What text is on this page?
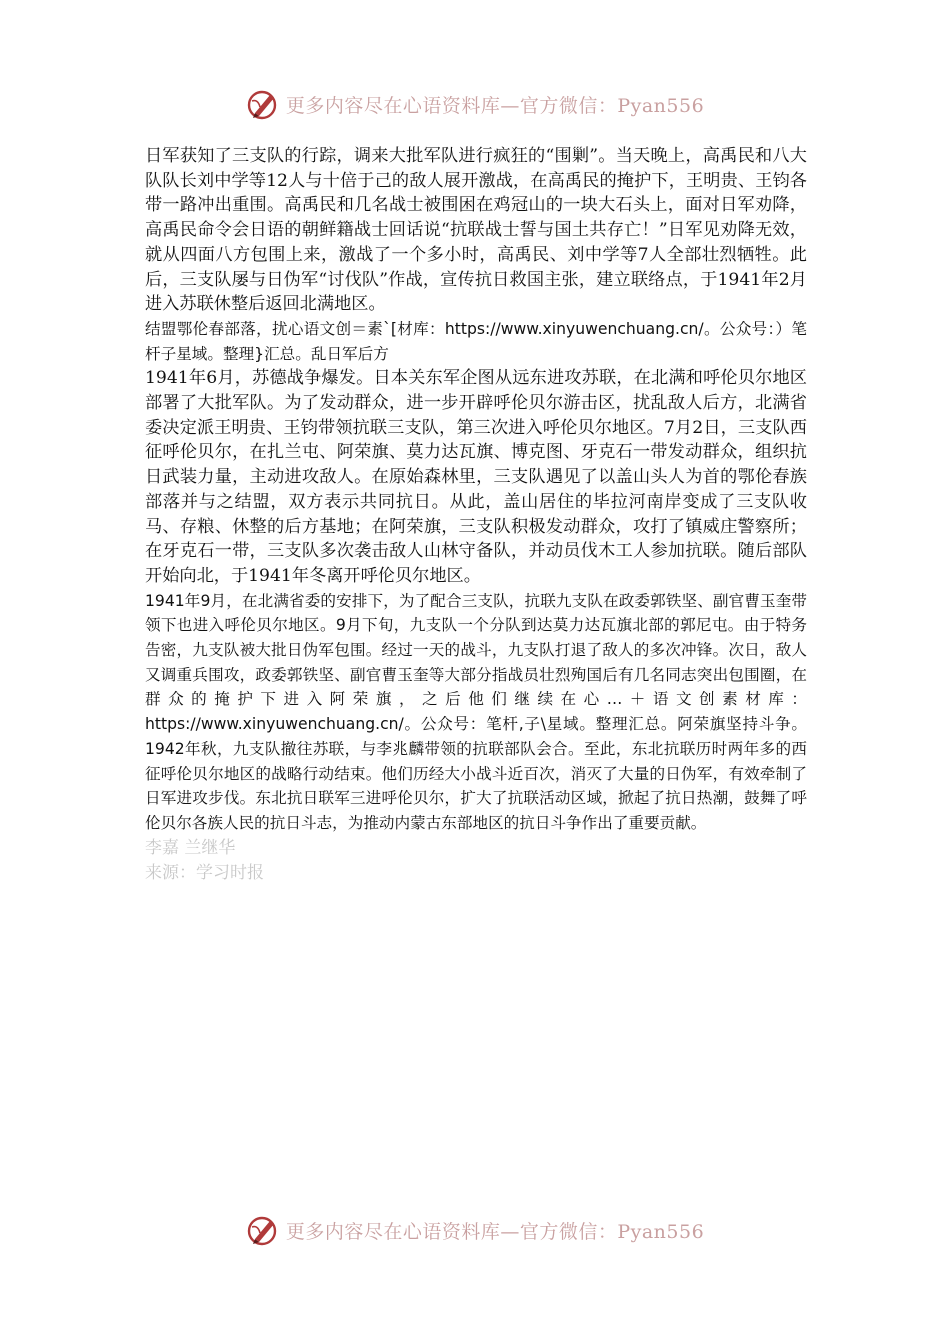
更多内容尽在心语资料库—官方微信：Pyan556

日军获知了三支队的行踪，调来大批军队进行疯狂的“围剿”。当天晚上，高禹民和八大队队长刘中学等12人与十倍于己的敌人展开激战，在高禹民的掩护下，王明贵、王钧各带一路冲出重围。高禹民和几名战士被围困在鸡冠山的一块大石头上，面对日军劝降，高禹民命令会日语的朝鲜籍战士回话说“抗联战士誓与国土共存亡！”日军见劝降无效，就从四面八方包围上来，激战了一个多小时，高禹民、刘中学等7人全部壮烈牺牲。此后，三支队屡与日伪军“讨伐队”作战，宣传抗日救国主张，建立联络点，于1941年2月进入苏联休整后返回北满地区。

结盟鄂伦春部落，扰心语文创＝素`[材库：https://www.xinyuwenchuang.cn/。公众号：）笔杆子星域。整理}汇总。乱日军后方

1941年6月，苏德战争爆发。日本关东军企图从远东进攻苏联，在北满和呼伦贝尔地区部署了大批军队。为了发动群众，进一步开辟呼伦贝尔游击区，扰乱敌人后方，北满省委决定派王明贵、王钧带领抗联三支队，第三次进入呼伦贝尔地区。7月2日，三支队西征呼伦贝尔，在扎兰屯、阿荣旗、莫力达瓦旗、博克图、牙克石一带发动群众，组织抗日武装力量，主动进攻敌人。在原始森林里，三支队遇见了以盖山头人为首的鄂伦春族部落并与之结盟，双方表示共同抗日。从此，盖山居住的毕拉河南岸变成了三支队收马、存粮、休整的后方基地；在阿荣旗，三支队积极发动群众，攻打了镇威庄警察所；在牙克石一带，三支队多次袭击敌人山林守备队，并动员伐木工人参加抗联。随后部队开始向北，于1941年冬离开呼伦贝尔地区。

1941年9月，在北满省委的安排下，为了配合三支队，抗联九支队在政委郭铁坚、副官曹玉奎带领下也进入呼伦贝尔地区。9月下旬，九支队一个分队到达莫力达瓦旗北部的郭尼屯。由于特务告密，九支队被大批日伪军包围。经过一天的战斗，九支队打退了敌人的多次冲锋。次日，敌人又调重兵围攻，政委郭铁坚、副官曹玉奎等大部分指战员壮烈殉国后有几名同志突出包围圈，在群众的掩护下进入阿荣旗，之后他们继续在心…＋语文创素材库：https://www.xinyuwenchuang.cn/。公众号：笔杆,子\星域。整理汇总。阿荣旗坚持斗争。1942年秋，九支队撤往苏联，与李兆麟带领的抗联部队会合。至此，东北抗联历时两年多的西征呼伦贝尔地区的战略行动结束。他们历经大小战斗近百次，消灭了大量的日伪军，有效牵制了日军进攻步伐。东北抗日联军三进呼伦贝尔，扩大了抗联活动区域，掀起了抗日热潮，鼓舞了呼伦贝尔各族人民的抗日斗志，为推动内蒙古东部地区的抗日斗争作出了重要贡献。

李嘉 兰继华

来源：学习时报

更多内容尽在心语资料库—官方微信：Pyan556
